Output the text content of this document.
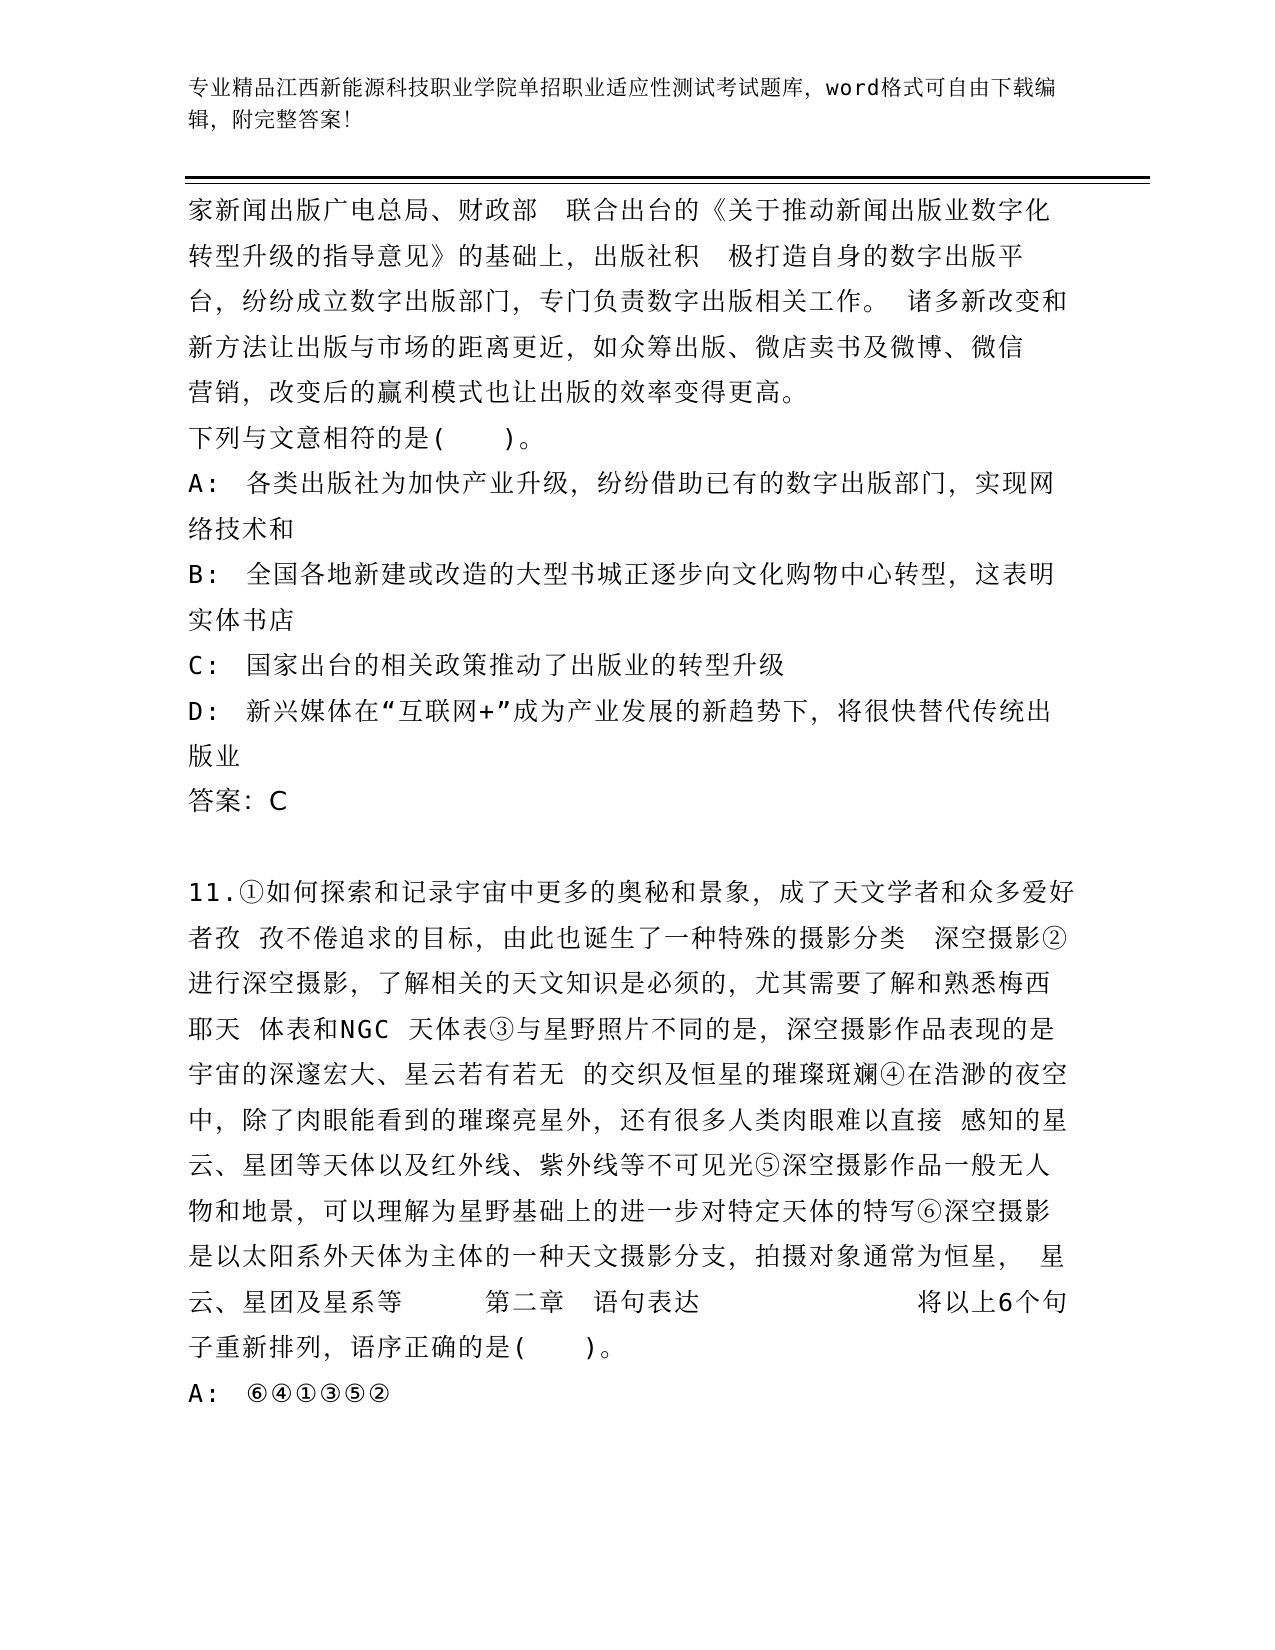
专业精品江西新能源科技职业学院单招职业适应性测试考试题库，word格式可自由下载编辑，附完整答案！

家新闻出版广电总局、财政部　联合出台的《关于推动新闻出版业数字化转型升级的指导意见》的基础上，出版社积　极打造自身的数字出版平台，纷纷成立数字出版部门，专门负责数字出版相关工作。 诸多新改变和新方法让出版与市场的距离更近，如众筹出版、微店卖书及微博、微信　营销，改变后的赢利模式也让出版的效率变得更高。

下列与文意相符的是(　　)。

A: 各类出版社为加快产业升级，纷纷借助已有的数字出版部门，实现网络技术和

B: 全国各地新建或改造的大型书城正逐步向文化购物中心转型，这表明实体书店

C: 国家出台的相关政策推动了出版业的转型升级

D: 新兴媒体在“互联网+”成为产业发展的新趋势下，将很快替代传统出版业

答案：C

11.①如何探索和记录宇宙中更多的奥秘和景象，成了天文学者和众多爱好者孜 孜不倦追求的目标，由此也诞生了一种特殊的摄影分类　深空摄影②进行深空摄影，了解相关的天文知识是必须的，尤其需要了解和熟悉梅西耶天 体表和NGC 天体表③与星野照片不同的是，深空摄影作品表现的是宇宙的深邃宏大、星云若有若无 的交织及恒星的璀璨斑斓④在浩渺的夜空中，除了肉眼能看到的璀璨亮星外，还有很多人类肉眼难以直接 感知的星云、星团等天体以及红外线、紫外线等不可见光⑤深空摄影作品一般无人物和地景，可以理解为星野基础上的进一步对特定天体的特写⑥深空摄影是以太阳系外天体为主体的一种天文摄影分支，拍摄对象通常为恒星，　星云、星团及星系等　　　第二章　语句表达　　　　　　　　将以上6个句子重新排列，语序正确的是(　　)。

A: ⑥④①③⑤②
